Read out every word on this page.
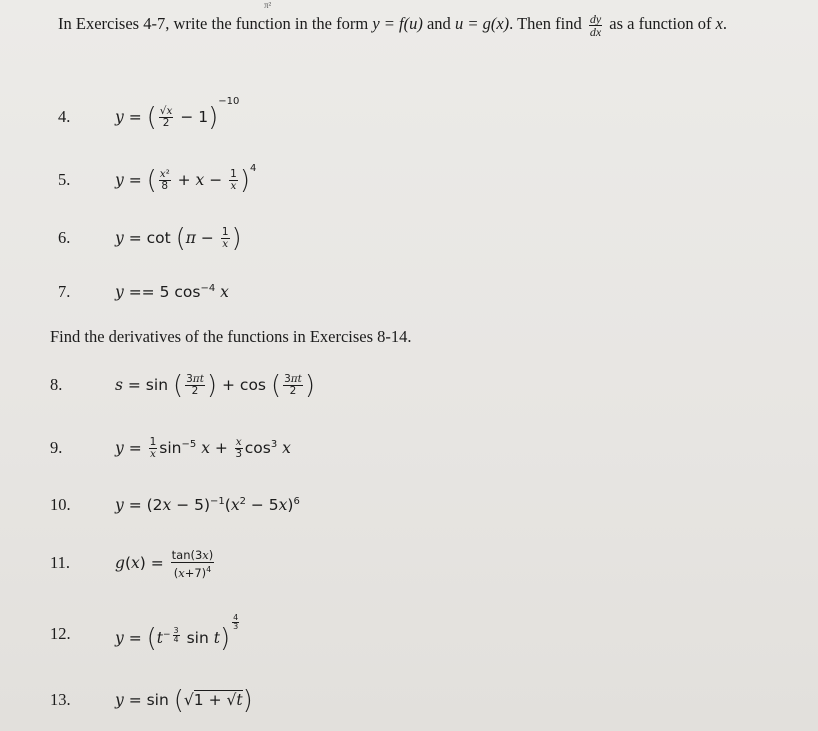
π²

In Exercises 4-7, write the function in the form y = f(u) and u = g(x). Then find $\frac{dy}{dx}$ as a function of x.

4.	y = ( $\frac{√x}{2} - 1)^{-10}$
5.	y = ( $\frac{\text{x²}}{8} + x - \frac{1}{x} )^4$
6.	$y = \cot (\pi - \frac{1}{x}$ )
7.	y == 5 $\cos^{-4} x$

Find the derivatives of the functions in Exercises 8-14.

8.	s = sin ( $\frac{3\pi t}{2}$ ) + cos ( $\frac{3\pi t}{2}$ )
9.	$y = \frac{1}{x} \sin^{-5} x + \frac{x}{3} \cos^3 x$
10.	$y = (2x - 5)^{-1}(x^2 - 5x)^6$
11.	$g(x) = \frac{\tan(3x)}{(x+7)^4}$
12.	$y = (t^{- \frac{3}{4}}$ sin t)
$^{\frac{4}{3}}$
13.	y = sin (√1 + √t)
